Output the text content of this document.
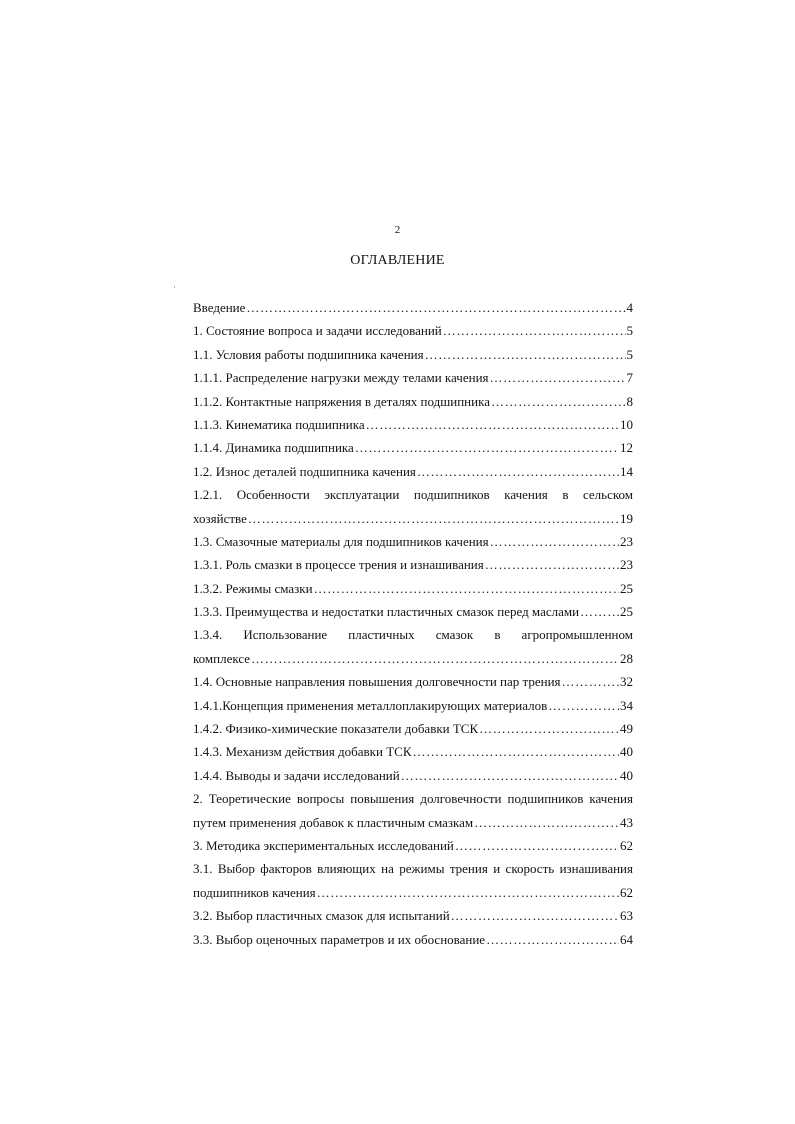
2
ОГЛАВЛЕНИЕ
·
Введение ……………………………………………………………………………………………………………………………………………………………………………………	4
1. Состояние вопроса и задачи исследований ……………………………………………………………………………………………………………………………………………………………………………………	5
1.1. Условия работы подшипника качения ……………………………………………………………………………………………………………………………………………………………………………………	5
1.1.1. Распределение нагрузки между телами качения ……………………………………………………………………………………………………………………………………………………………………………………	7
1.1.2. Контактные напряжения в деталях подшипника ……………………………………………………………………………………………………………………………………………………………………………………	8
1.1.3. Кинематика подшипника ……………………………………………………………………………………………………………………………………………………………………………………	10
1.1.4. Динамика подшипника ……………………………………………………………………………………………………………………………………………………………………………………	12
1.2. Износ деталей подшипника качения ……………………………………………………………………………………………………………………………………………………………………………………	14
1.2.1. Особенности эксплуатации подшипников качения в сельском
хозяйстве ……………………………………………………………………………………………………………………………………………………………………………………	19
1.3. Смазочные материалы для подшипников качения ……………………………………………………………………………………………………………………………………………………………………………………	23
1.3.1. Роль смазки в процессе трения и изнашивания ……………………………………………………………………………………………………………………………………………………………………………………	23
1.3.2. Режимы смазки ……………………………………………………………………………………………………………………………………………………………………………………	25
1.3.3. Преимущества и недостатки пластичных смазок перед маслами ……………………………………………………………………………………………………………………………………………………………………………………	25
1.3.4. Использование пластичных смазок в агропромышленном
комплексе ……………………………………………………………………………………………………………………………………………………………………………………	28
1.4. Основные направления повышения долговечности пар трения ……………………………………………………………………………………………………………………………………………………………………………………	32
1.4.1.Концепция применения металлоплакирующих материалов ……………………………………………………………………………………………………………………………………………………………………………………	34
1.4.2. Физико-химические показатели добавки ТСК ……………………………………………………………………………………………………………………………………………………………………………………	49
1.4.3. Механизм действия добавки ТСК ……………………………………………………………………………………………………………………………………………………………………………………	40
1.4.4. Выводы и задачи исследований ……………………………………………………………………………………………………………………………………………………………………………………	40
2. Теоретические вопросы повышения долговечности подшипников качения
путем применения добавок к пластичным смазкам ……………………………………………………………………………………………………………………………………………………………………………………	43
3. Методика экспериментальных исследований ……………………………………………………………………………………………………………………………………………………………………………………	62
3.1. Выбор факторов влияющих на режимы трения и скорость изнашивания
подшипников качения ……………………………………………………………………………………………………………………………………………………………………………………	62
3.2. Выбор пластичных смазок для испытаний ……………………………………………………………………………………………………………………………………………………………………………………	63
3.3. Выбор оценочных параметров и их обоснование ……………………………………………………………………………………………………………………………………………………………………………………	64
